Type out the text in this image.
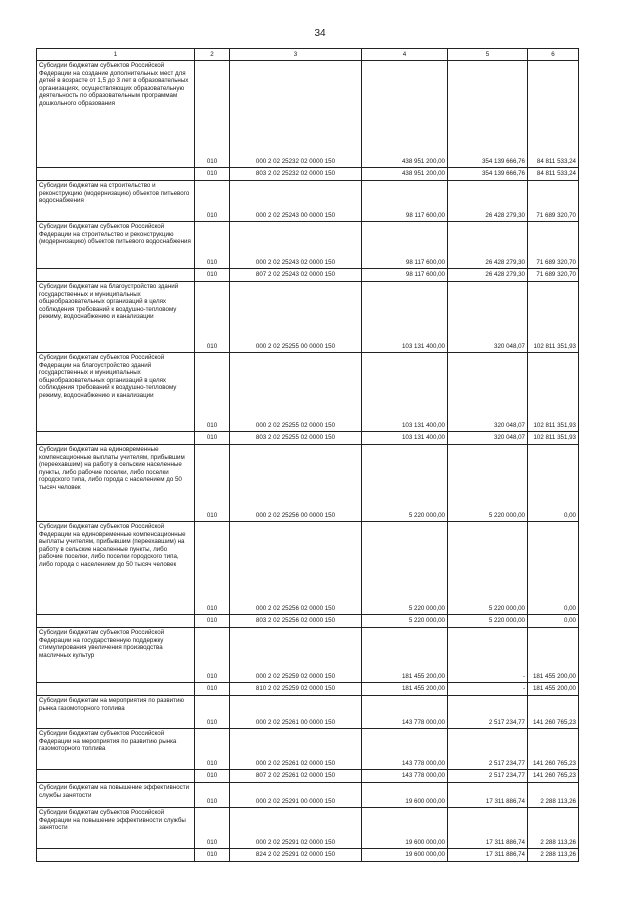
34
1	2	3	4	5	6
Субсидии бюджетам субъектов Российской Федерации на создание дополнительных мест для детей в возрасте от 1,5 до 3 лет в образовательных организациях, осуществляющих образовательную деятельность по образовательным программам дошкольного образования	010	000 2 02 25232 02 0000 150	438 951 200,00	354 139 666,76	84 811 533,24
	010	803 2 02 25232 02 0000 150	438 951 200,00	354 139 666,76	84 811 533,24
Субсидии бюджетам на строительство и реконструкцию (модернизацию) объектов питьевого водоснабжения	010	000 2 02 25243 00 0000 150	98 117 600,00	26 428 279,30	71 689 320,70
Субсидии бюджетам субъектов Российской Федерации на строительство и реконструкцию (модернизацию) объектов питьевого водоснабжения	010	000 2 02 25243 02 0000 150	98 117 600,00	26 428 279,30	71 689 320,70
	010	807 2 02 25243 02 0000 150	98 117 600,00	26 428 279,30	71 689 320,70
Субсидии бюджетам на благоустройство зданий государственных и муниципальных общеобразовательных организаций в целях соблюдения требований к воздушно-тепловому режиму, водоснабжению и канализации	010	000 2 02 25255 00 0000 150	103 131 400,00	320 048,07	102 811 351,93
Субсидии бюджетам субъектов Российской Федерации на благоустройство зданий государственных и муниципальных общеобразовательных организаций в целях соблюдения требований к воздушно-тепловому режиму, водоснабжению и канализации	010	000 2 02 25255 02 0000 150	103 131 400,00	320 048,07	102 811 351,93
	010	803 2 02 25255 02 0000 150	103 131 400,00	320 048,07	102 811 351,93
Субсидии бюджетам на единовременные компенсационные выплаты учителям, прибывшим (переехавшим) на работу в сельские населенные пункты, либо рабочие поселки, либо поселки городского типа, либо города с населением до 50 тысяч человек	010	000 2 02 25256 00 0000 150	5 220 000,00	5 220 000,00	0,00
Субсидии бюджетам субъектов Российской Федерации на единовременные компенсационные выплаты учителям, прибывшим (переехавшим) на работу в сельские населенные пункты, либо рабочие поселки, либо поселки городского типа, либо города с населением до 50 тысяч человек	010	000 2 02 25256 02 0000 150	5 220 000,00	5 220 000,00	0,00
	010	803 2 02 25256 02 0000 150	5 220 000,00	5 220 000,00	0,00
Субсидии бюджетам субъектов Российской Федерации на государственную поддержку стимулирования увеличения производства масличных культур	010	000 2 02 25259 02 0000 150	181 455 200,00	-	181 455 200,00
	010	810 2 02 25259 02 0000 150	181 455 200,00	-	181 455 200,00
Субсидии бюджетам на мероприятия по развитию рынка газомоторного топлива	010	000 2 02 25261 00 0000 150	143 778 000,00	2 517 234,77	141 260 765,23
Субсидии бюджетам субъектов Российской Федерации на мероприятия по развитию рынка газомоторного топлива	010	000 2 02 25261 02 0000 150	143 778 000,00	2 517 234,77	141 260 765,23
	010	807 2 02 25261 02 0000 150	143 778 000,00	2 517 234,77	141 260 765,23
Субсидии бюджетам на повышение эффективности службы занятости	010	000 2 02 25291 00 0000 150	19 600 000,00	17 311 886,74	2 288 113,26
Субсидии бюджетам субъектов Российской Федерации на повышение эффективности службы занятости	010	000 2 02 25291 02 0000 150	19 600 000,00	17 311 886,74	2 288 113,26
	010	824 2 02 25291 02 0000 150	19 600 000,00	17 311 886,74	2 288 113,26
